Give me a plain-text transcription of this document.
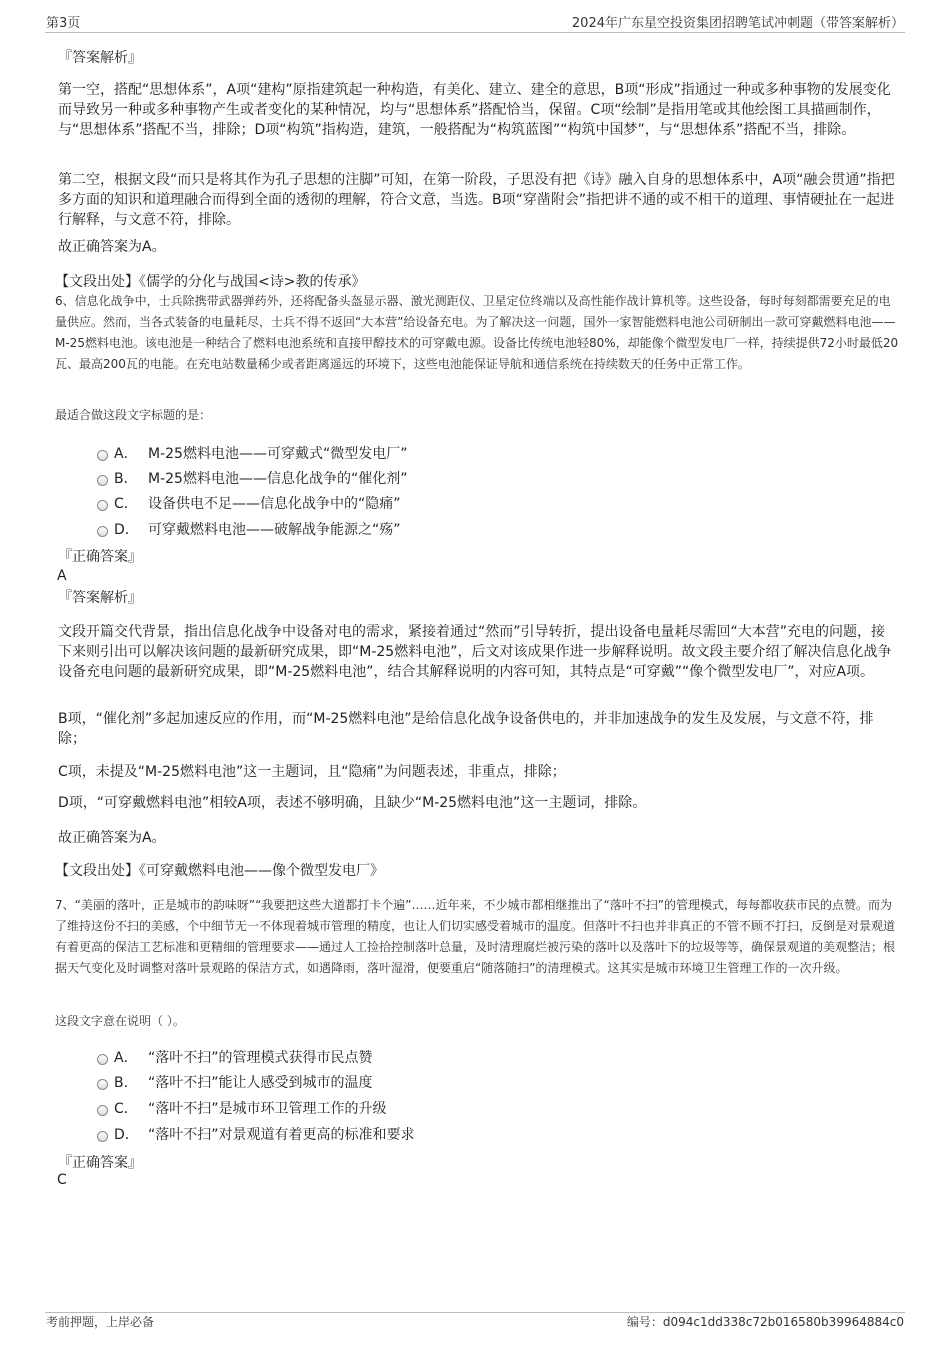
第3页	2024年广东星空投资集团招聘笔试冲刺题（带答案解析）
『答案解析』
第一空，搭配“思想体系”，A项“建构”原指建筑起一种构造，有美化、建立、建全的意思，B项“形成”指通过一种或多种事物的发展变化而导致另一种或多种事物产生或者变化的某种情况，均与“思想体系”搭配恰当，保留。C项“绘制”是指用笔或其他绘图工具描画制作，与“思想体系”搭配不当，排除；D项“构筑”指构造，建筑，一般搭配为“构筑蓝图”“构筑中国梦”，与“思想体系”搭配不当，排除。
第二空，根据文段“而只是将其作为孔子思想的注脚”可知，在第一阶段，子思没有把《诗》融入自身的思想体系中，A项“融会贯通”指把多方面的知识和道理融合而得到全面的透彻的理解，符合文意，当选。B项“穿凿附会”指把讲不通的或不相干的道理、事情硬扯在一起进行解释，与文意不符，排除。
故正确答案为A。
【文段出处】《儒学的分化与战国<诗>教的传承》
6、信息化战争中，士兵除携带武器弹药外，还将配备头盔显示器、激光测距仪、卫星定位终端以及高性能作战计算机等。这些设备，每时每刻都需要充足的电量供应。然而，当各式装备的电量耗尽，士兵不得不返回“大本营”给设备充电。为了解决这一问题，国外一家智能燃料电池公司研制出一款可穿戴燃料电池——M-25燃料电池。该电池是一种结合了燃料电池系统和直接甲醇技术的可穿戴电源。设备比传统电池轻80%，却能像个微型发电厂一样，持续提供72小时最低20瓦、最高200瓦的电能。在充电站数量稀少或者距离遥远的环境下，这些电池能保证导航和通信系统在持续数天的任务中正常工作。
最适合做这段文字标题的是：
A． M-25燃料电池——可穿戴式“微型发电厂”
B． M-25燃料电池——信息化战争的“催化剂”
C． 设备供电不足——信息化战争中的“隐痛”
D． 可穿戴燃料电池——破解战争能源之“殇”
『正确答案』
A
『答案解析』
文段开篇交代背景，指出信息化战争中设备对电的需求，紧接着通过“然而”引导转折，提出设备电量耗尽需回“大本营”充电的问题，接下来则引出可以解决该问题的最新研究成果，即“M-25燃料电池”，后文对该成果作进一步解释说明。故文段主要介绍了解决信息化战争设备充电问题的最新研究成果，即“M-25燃料电池”，结合其解释说明的内容可知，其特点是“可穿戴”“像个微型发电厂”，对应A项。
B项，“催化剂”多起加速反应的作用，而“M-25燃料电池”是给信息化战争设备供电的，并非加速战争的发生及发展，与文意不符，排除；
C项，未提及“M-25燃料电池”这一主题词，且“隐痛”为问题表述，非重点，排除；
D项，“可穿戴燃料电池”相较A项，表述不够明确，且缺少“M-25燃料电池”这一主题词，排除。
故正确答案为A。
【文段出处】《可穿戴燃料电池——像个微型发电厂》
7、“美丽的落叶，正是城市的韵味呀”“我要把这些大道都打卡个遍”……近年来，不少城市都相继推出了“落叶不扫”的管理模式，每每都收获市民的点赞。而为了维持这份不扫的美感，个中细节无一不体现着城市管理的精度，也让人们切实感受着城市的温度。但落叶不扫也并非真正的不管不顾不打扫，反倒是对景观道有着更高的保洁工艺标准和更精细的管理要求——通过人工捡拾控制落叶总量，及时清理腐烂被污染的落叶以及落叶下的垃圾等等，确保景观道的美观整洁；根据天气变化及时调整对落叶景观路的保洁方式，如遇降雨，落叶湿滑，便要重启“随落随扫”的清理模式。这其实是城市环境卫生管理工作的一次升级。
这段文字意在说明（ ）。
A． “落叶不扫”的管理模式获得市民点赞
B． “落叶不扫”能让人感受到城市的温度
C． “落叶不扫”是城市环卫管理工作的升级
D． “落叶不扫”对景观道有着更高的标准和要求
『正确答案』
C
考前押题，上岸必备	编号：d094c1dd338c72b016580b39964884c0
